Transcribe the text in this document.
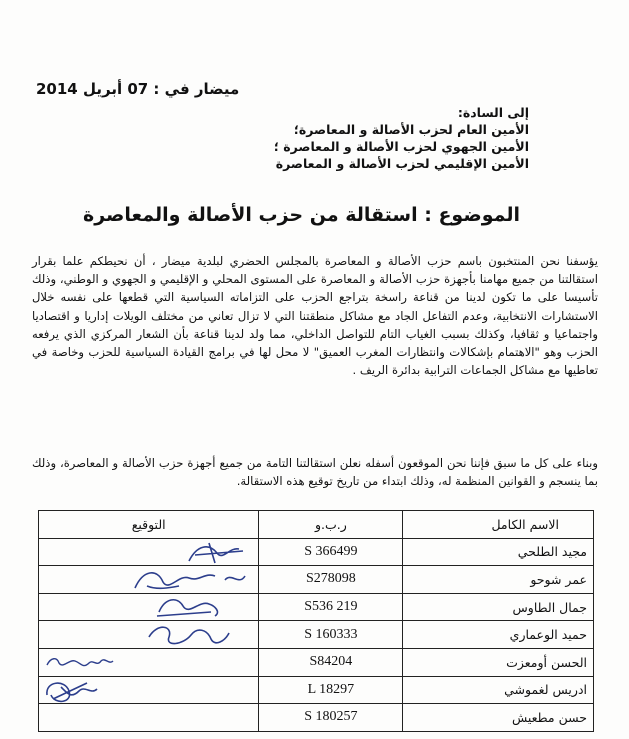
ميضار في : 07 أبريل 2014
إلى السادة:
الأمين العام لحزب الأصالة و المعاصرة؛
الأمين الجهوي لحزب الأصالة و المعاصرة ؛
الأمين الإقليمي لحزب الأصالة و المعاصرة
الموضوع : استقالة من حزب الأصالة والمعاصرة
يؤسفنا نحن المنتخبون باسم حزب الأصالة و المعاصرة بالمجلس الحضري لبلدية ميضار ، أن نحيطكم علما بقرار استقالتنا من جميع مهامنا بأجهزة حزب الأصالة و المعاصرة على المستوى المحلي و الإقليمي و الجهوي و الوطني، وذلك تأسيسا على ما تكون لدينا من قناعة راسخة بتراجع الحزب على التزاماته السياسية التي قطعها على نفسه خلال الاستشارات الانتخابية، وعدم التفاعل الجاد مع مشاكل منطقتنا التي لا تزال تعاني من مختلف الويلات إداريا و اقتصاديا واجتماعيا و ثقافيا، وكذلك بسبب الغياب التام للتواصل الداخلي، مما ولد لدينا قناعة بأن الشعار المركزي الذي يرفعه الحزب وهو "الاهتمام بإشكالات وانتظارات المغرب العميق" لا محل لها في برامج القيادة السياسية للحزب وخاصة في تعاطيها مع مشاكل الجماعات الترابية بدائرة الريف .
وبناء على كل ما سبق فإننا نحن الموقعون أسفله نعلن استقالتنا التامة من جميع أجهزة حزب الأصالة و المعاصرة، وذلك بما ينسجم و القوانين المنظمة له، وذلك ابتداء من تاريخ توقيع هذه الاستقالة.
الاسم الكامل	ر.ب.و	التوقيع
مجيد الطلحي	S 366499	

عمر شوحو	S278098	

جمال الطاوس	S536 219	

حميد الوعماري	S 160333	

الحسن أومعزت	S84204	

ادريس لغموشي	L 18297	

حسن مطعيش	S 180257	
